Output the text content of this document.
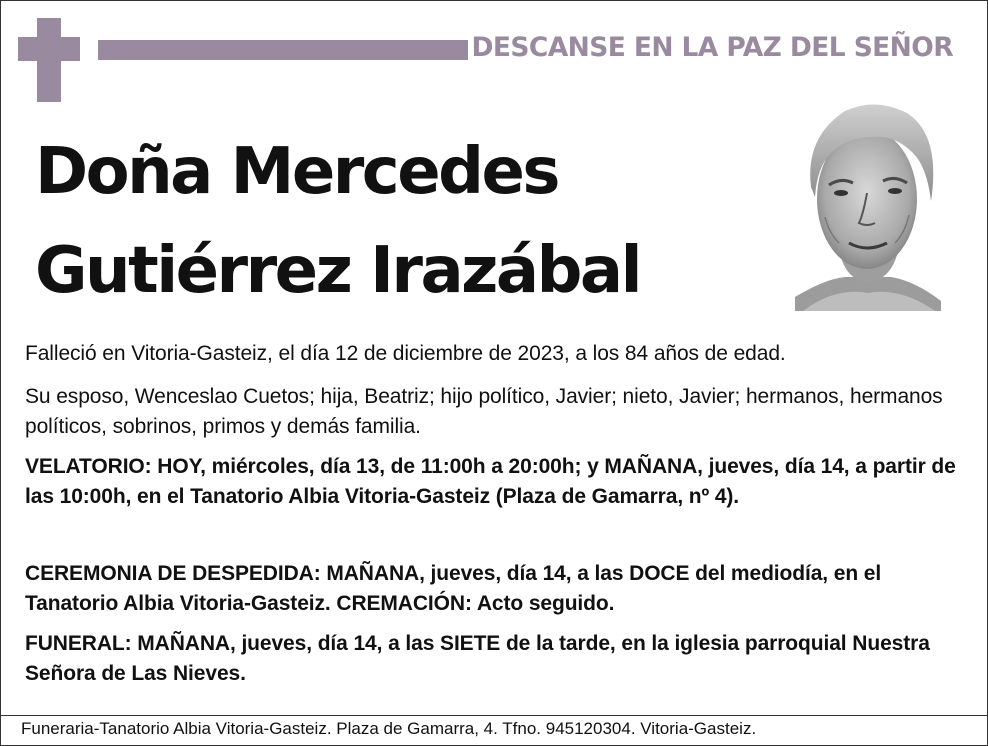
DESCANSE EN LA PAZ DEL SEÑOR
Doña Mercedes
Gutiérrez Irazábal

Falleció en Vitoria-Gasteiz, el día 12 de diciembre de 2023, a los 84 años de edad.

Su esposo, Wenceslao Cuetos; hija, Beatriz; hijo político, Javier; nieto, Javier; hermanos, hermanos políticos, sobrinos, primos y demás familia.

VELATORIO: HOY, miércoles, día 13, de 11:00h a 20:00h; y MAÑANA, jueves, día 14, a partir de las 10:00h, en el Tanatorio Albia Vitoria-Gasteiz (Plaza de Gamarra, nº 4).

CEREMONIA DE DESPEDIDA: MAÑANA, jueves, día 14, a las DOCE del mediodía, en el Tanatorio Albia Vitoria-Gasteiz. CREMACIÓN: Acto seguido.

FUNERAL: MAÑANA, jueves, día 14, a las SIETE de la tarde, en la iglesia parroquial Nuestra Señora de Las Nieves.

Funeraria-Tanatorio Albia Vitoria-Gasteiz. Plaza de Gamarra, 4. Tfno. 945120304. Vitoria-Gasteiz.
